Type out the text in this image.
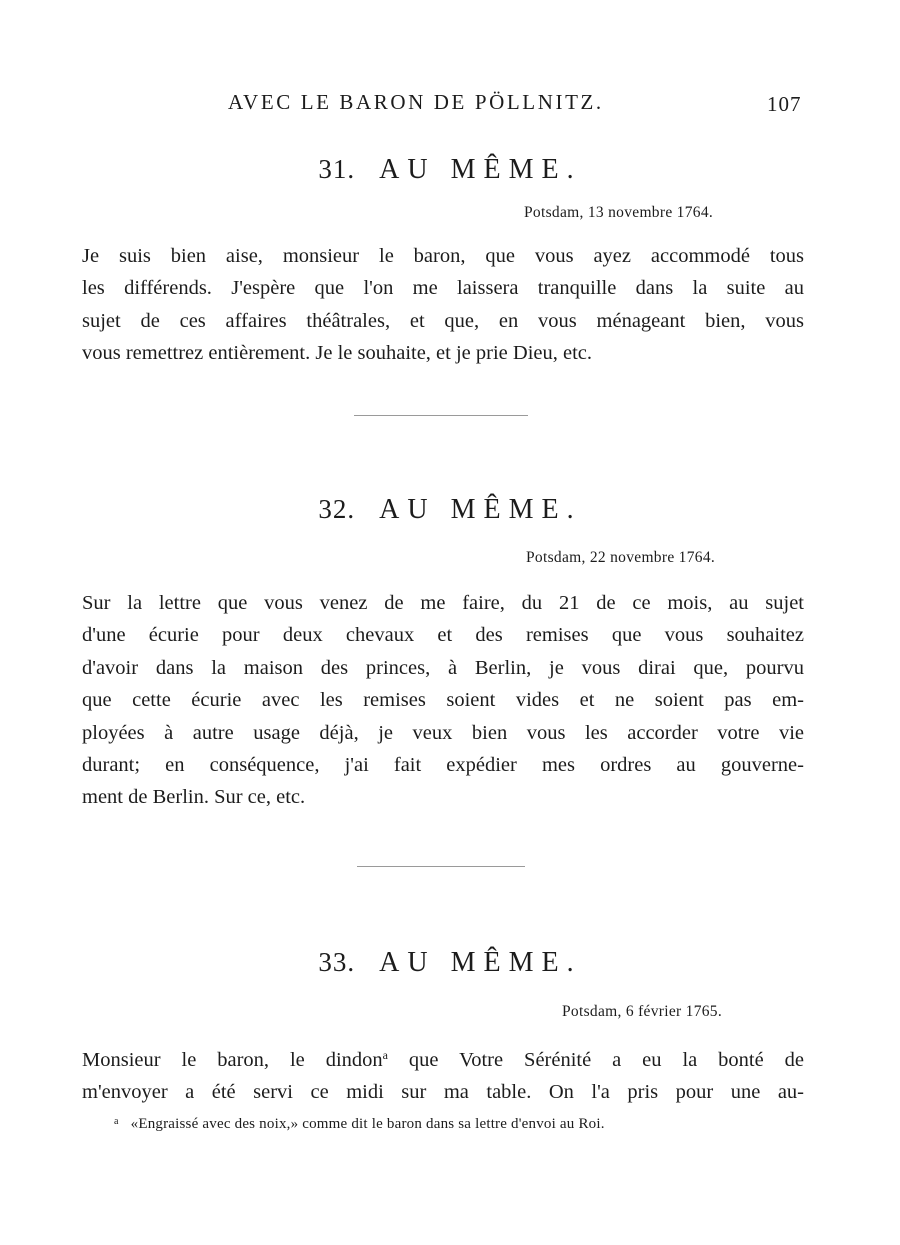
AVEC LE BARON DE PÖLLNITZ.	107
31. AU MÊME.
Potsdam, 13 novembre 1764.
Je suis bien aise, monsieur le baron, que vous ayez accommodé tous
les différends. J'espère que l'on me laissera tranquille dans la suite au
sujet de ces affaires théâtrales, et que, en vous ménageant bien, vous
vous remettrez entièrement. Je le souhaite, et je prie Dieu, etc.
32. AU MÊME.
Potsdam, 22 novembre 1764.
Sur la lettre que vous venez de me faire, du 21 de ce mois, au sujet
d'une écurie pour deux chevaux et des remises que vous souhaitez
d'avoir dans la maison des princes, à Berlin, je vous dirai que, pourvu
que cette écurie avec les remises soient vides et ne soient pas em-
ployées à autre usage déjà, je veux bien vous les accorder votre vie
durant; en conséquence, j'ai fait expédier mes ordres au gouverne-
ment de Berlin. Sur ce, etc.
33. AU MÊME.
Potsdam, 6 février 1765.
Monsieur le baron, le dindon$^a$ que Votre Sérénité a eu la bonté de
m'envoyer a été servi ce midi sur ma table. On l'a pris pour une au-
$^a$ «Engraissé avec des noix,» comme dit le baron dans sa lettre d'envoi au Roi.
